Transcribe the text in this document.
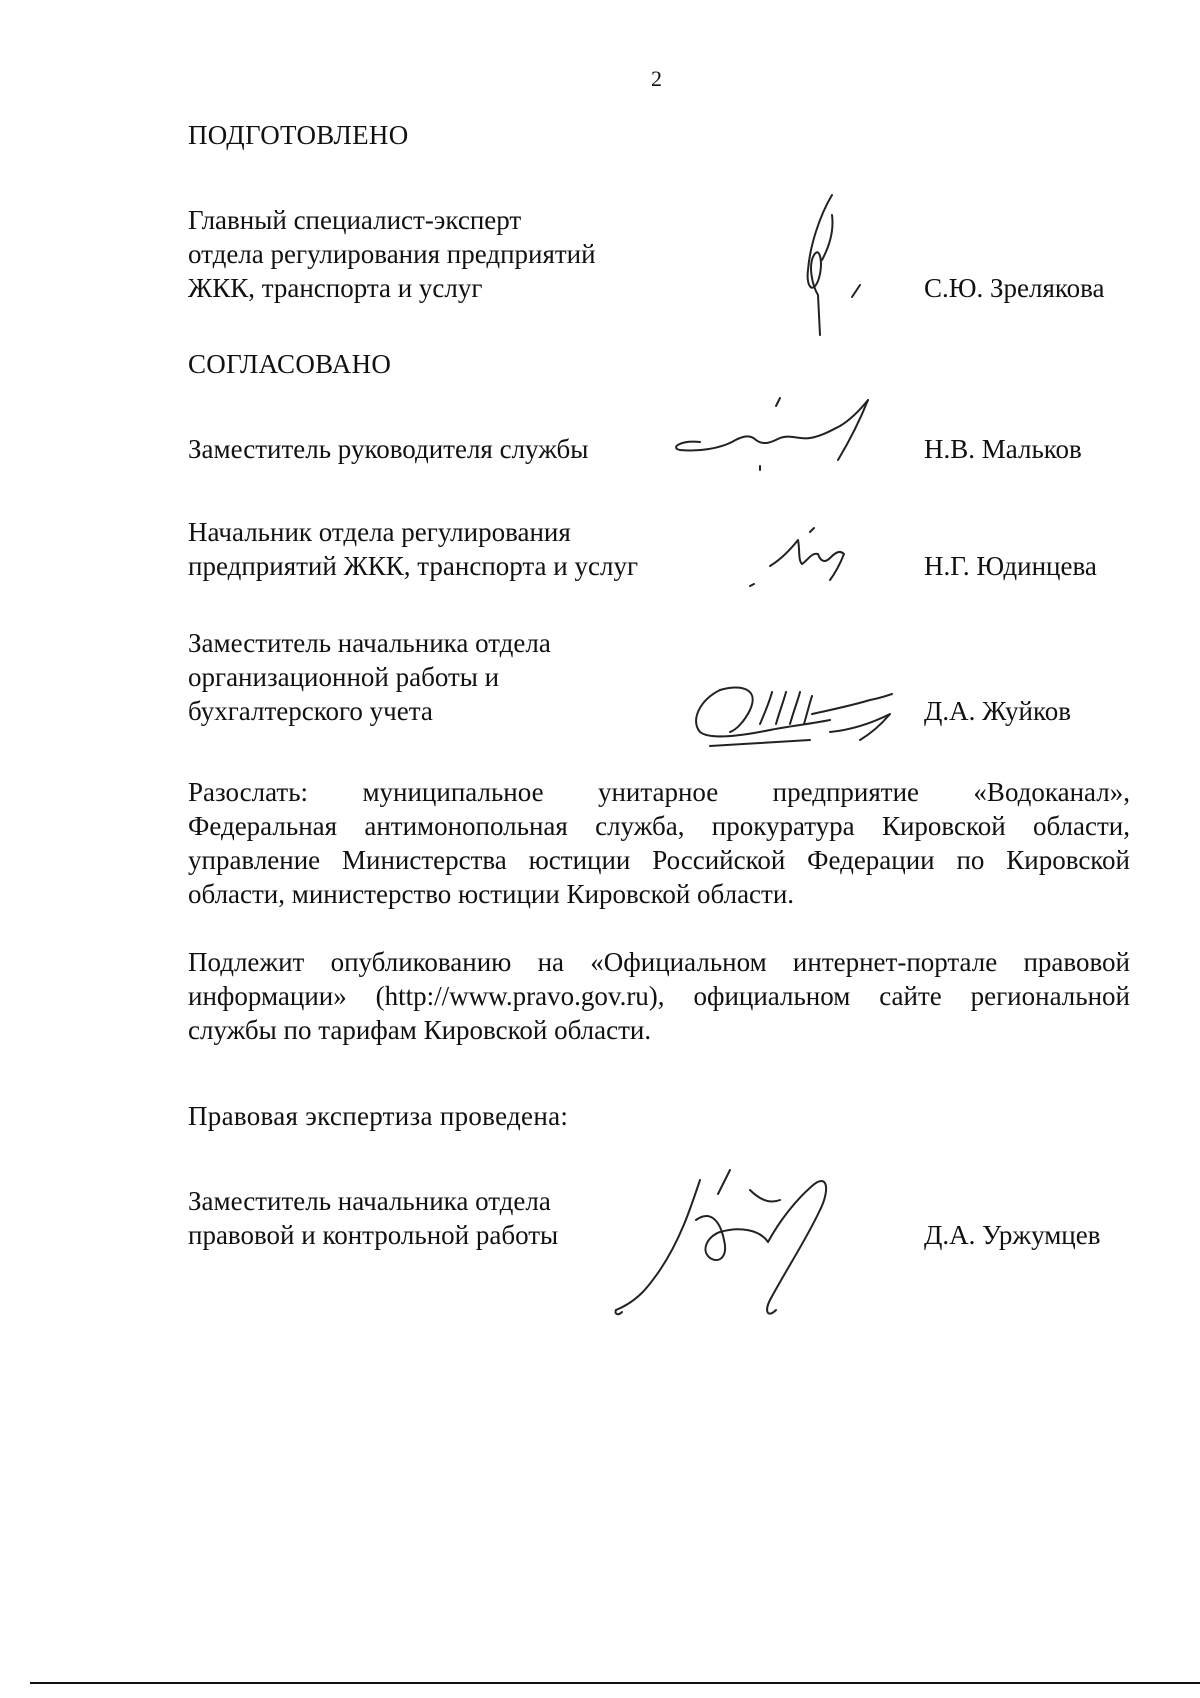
2
ПОДГОТОВЛЕНО
Главный специалист-эксперт
отдела регулирования предприятий
ЖКК, транспорта и услуг	С.Ю. Зрелякова
СОГЛАСОВАНО
Заместитель руководителя службы	Н.В. Мальков
Начальник отдела регулирования
предприятий ЖКК, транспорта и услуг	Н.Г. Юдинцева
Заместитель начальника отдела
организационной работы и
бухгалтерского учета	Д.А. Жуйков
Разослать: муниципальное унитарное предприятие «Водоканал»,
Федеральная антимонопольная служба, прокуратура Кировской области,
управление Министерства юстиции Российской Федерации по Кировской
области, министерство юстиции Кировской области.
Подлежит опубликованию на «Официальном интернет-портале правовой
информации» (http://www.pravo.gov.ru), официальном сайте региональной
службы по тарифам Кировской области.
Правовая экспертиза проведена:
Заместитель начальника отдела
правовой и контрольной работы	Д.А. Уржумцев
